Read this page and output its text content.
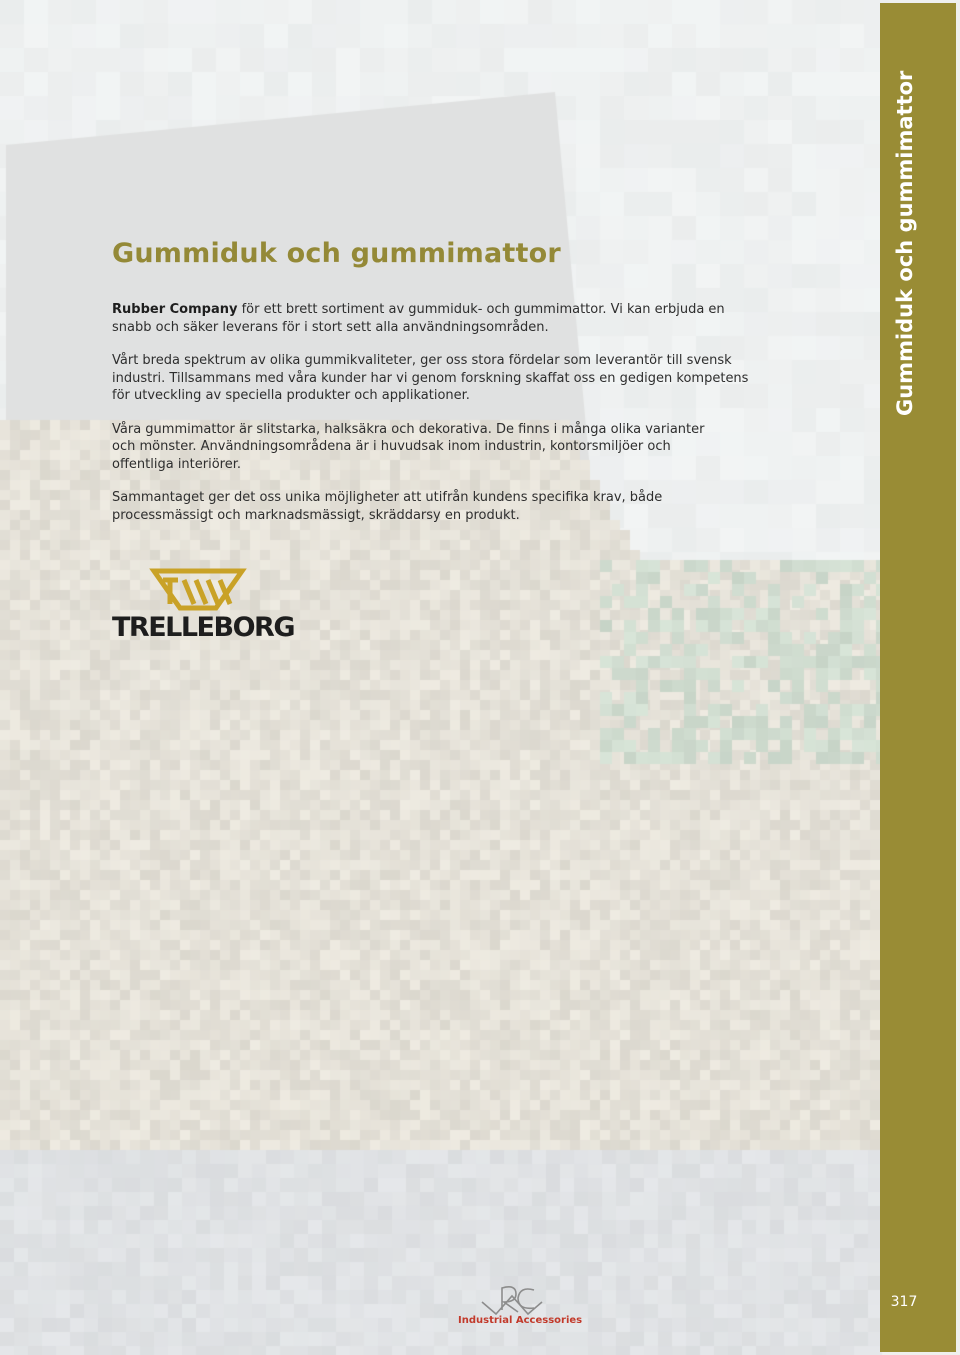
Gummiduk och gummimattor

Rubber Company för ett brett sortiment av gummiduk- och gummimattor. Vi kan erbjuda en snabb och säker leverans för i stort sett alla användningsområden.

Vårt breda spektrum av olika gummikvaliteter, ger oss stora fördelar som leverantör till svensk industri. Tillsammans med våra kunder har vi genom forskning skaffat oss en gedigen kompetens för utveckling av speciella produkter och applikationer.

Våra gummimattor är slitstarka, halksäkra och dekorativa. De finns i många olika varianter och mönster. Användningsområdena är i huvudsak inom industrin, kontorsmiljöer och offentliga interiörer.

Sammantaget ger det oss unika möjligheter att utifrån kundens specifika krav, både processmässigt och marknadsmässigt, skräddarsy en produkt.

TRELLEBORG
Gummiduk och gummimattor
317
Industrial Accessories
